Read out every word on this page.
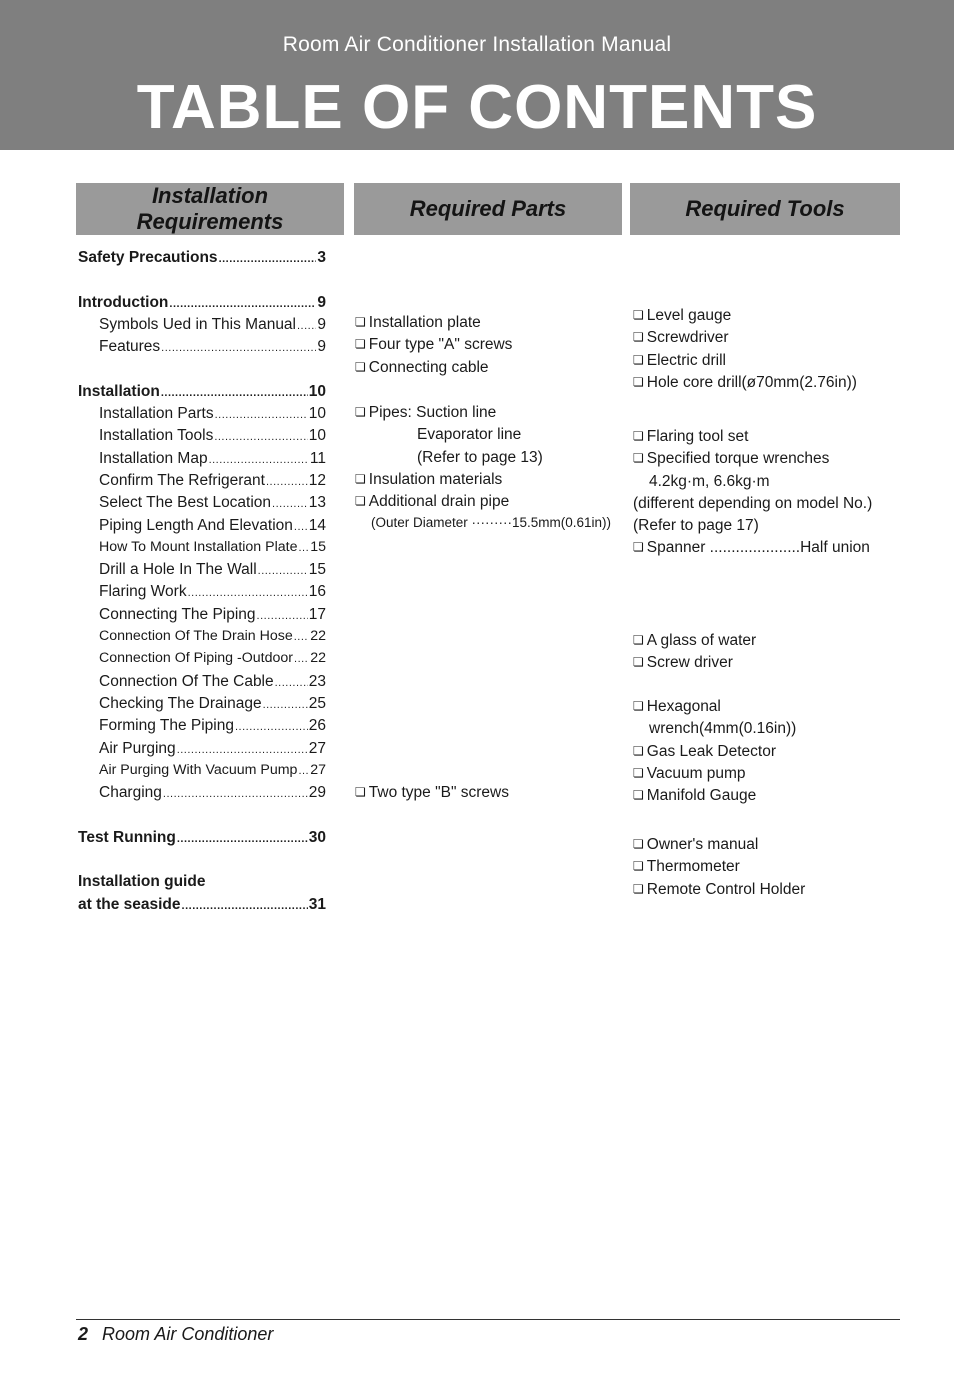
Room Air Conditioner Installation Manual
TABLE OF CONTENTS
Installation Requirements
Required Parts	Required Tools
Safety Precautions .....	3
Introduction .....	9
Symbols Ued in This Manual ..... 9
Features .....	9
Installation .....	10
Installation Parts .....	10
Installation Tools .....	10
Installation Map .....	11
Confirm The Refrigerant .....	12
Select The Best Location ..... 13
Piping Length And Elevation ..... 14
How To Mount Installation Plate ..... 15
Drill a Hole In The Wall .....	15
Flaring Work .....	16
Connecting The Piping .....	17
Connection Of The Drain Hose ..... 22
Connection Of Piping -Outdoor ..... 22
Connection Of The Cable ..... 23
Checking The Drainage .....	25
Forming The Piping .....	26
Air Purging .....	27
Air Purging With Vacuum Pump ..... 27
Charging .....	29
Test Running .....	30
Installation guide
at the seaside .....	31
❏ Installation plate
❏ Four type "A" screws
❏ Connecting cable
❏ Pipes: Suction line
Evaporator line
(Refer to page 13)
❏ Insulation materials
❏ Additional drain pipe
(Outer Diameter ·········15.5mm(0.61in))
❏ Two type "B" screws
❏ Level gauge
❏ Screwdriver
❏ Electric drill
❏ Hole core drill(ø70mm(2.76in))
❏ Flaring tool set
❏ Specified torque wrenches
4.2kg·m, 6.6kg·m
(different depending on model No.)
(Refer to page 17)
❏ Spanner .....................Half union
❏ A glass of water
❏ Screw driver
❏ Hexagonal
wrench(4mm(0.16in))
❏ Gas Leak Detector
❏ Vacuum pump
❏ Manifold Gauge
❏ Owner's manual
❏ Thermometer
❏ Remote Control Holder
2 Room Air Conditioner
